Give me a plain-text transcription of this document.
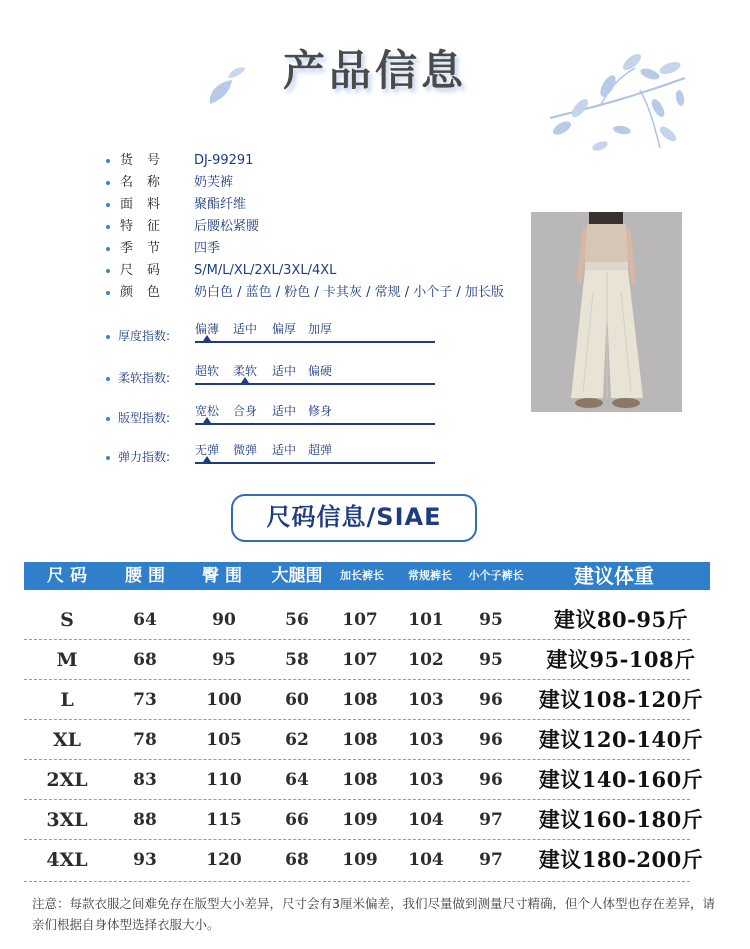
产品信息
货号	DJ-99291
名称	奶芙裤
面料	聚酯纤维
特征	后腰松紧腰
季节	四季
尺码	S/M/L/XL/2XL/3XL/4XL
颜色	奶白色 / 蓝色 / 粉色 / 卡其灰 / 常规 / 小个子 / 加长版
厚度指数: 偏薄 适中 偏厚 加厚
柔软指数: 超软 柔软 适中 偏硬
版型指数: 宽松 合身 适中 修身
弹力指数: 无弹 微弹 适中 超弹
尺码信息/SIAE
尺 码	腰 围	臀 围	大腿围	加长裤长	常规裤长	小个子裤长	建议体重
S	64	90	56	107	101	95	建议80-95斤
M	68	95	58	107	102	95	建议95-108斤
L	73	100	60	108	103	96	建议108-120斤
XL	78	105	62	108	103	96	建议120-140斤
2XL	83	110	64	108	103	96	建议140-160斤
3XL	88	115	66	109	104	97	建议160-180斤
4XL	93	120	68	109	104	97	建议180-200斤
注意：每款衣服之间难免存在版型大小差异，尺寸会有3厘米偏差，我们尽量做到测量尺寸精确，但个人体型也存在差异，请亲们根据自身体型选择衣服大小。
